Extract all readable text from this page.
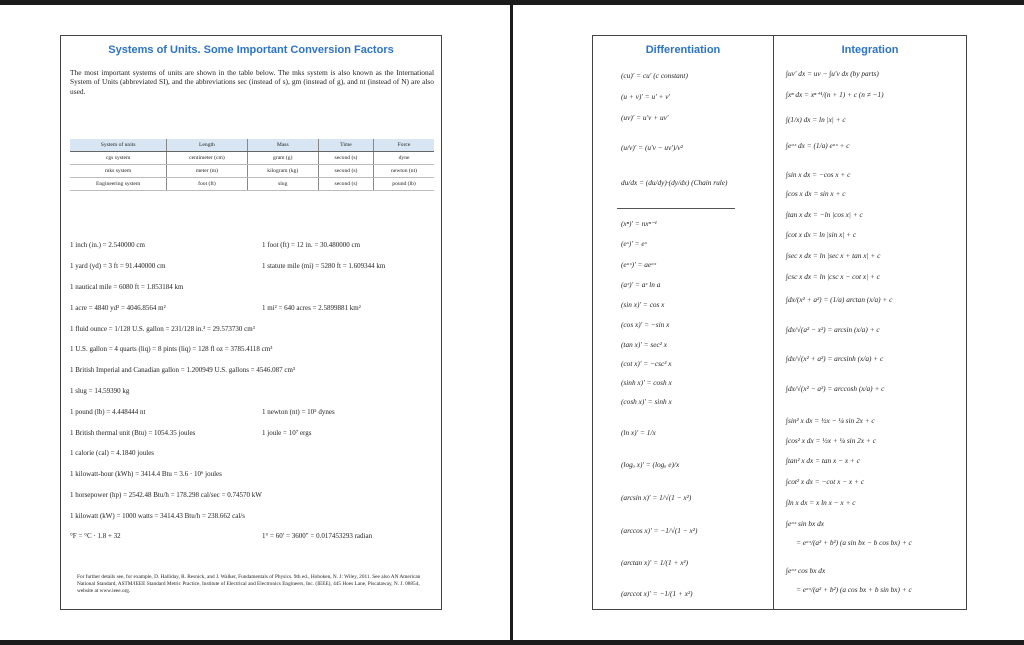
Systems of Units. Some Important Conversion Factors
The most important systems of units are shown in the table below. The mks system is also known as the International System of Units (abbreviated SI), and the abbreviations sec (instead of s), gm (instead of g), and nt (instead of N) are also used.
System of units	Length	Mass	Time	Force
cgs system	centimeter (cm)	gram (g)	second (s)	dyne
mks system	meter (m)	kilogram (kg)	second (s)	newton (nt)
Engineering system	foot (ft)	slug	second (s)	pound (lb)
1 inch (in.) = 2.540000 cm	1 foot (ft) = 12 in. = 30.480000 cm
1 yard (yd) = 3 ft = 91.440000 cm	1 statute mile (mi) = 5280 ft = 1.609344 km
1 nautical mile = 6080 ft = 1.853184 km
1 acre = 4840 yd² = 4046.8564 m²	1 mi² = 640 acres = 2.5899881 km²
1 fluid ounce = 1/128 U.S. gallon = 231/128 in.³ = 29.573730 cm³
1 U.S. gallon = 4 quarts (liq) = 8 pints (liq) = 128 fl oz = 3785.4118 cm³
1 British Imperial and Canadian gallon = 1.200949 U.S. gallons = 4546.087 cm³
1 slug = 14.59390 kg
1 pound (lb) = 4.448444 nt	1 newton (nt) = 10⁵ dynes
1 British thermal unit (Btu) = 1054.35 joules	1 joule = 10⁷ ergs
1 calorie (cal) = 4.1840 joules
1 kilowatt-hour (kWh) = 3414.4 Btu = 3.6 · 10⁶ joules
1 horsepower (hp) = 2542.48 Btu/h = 178.298 cal/sec = 0.74570 kW
1 kilowatt (kW) = 1000 watts = 3414.43 Btu/h = 238.662 cal/s
°F = °C · 1.8 + 32	1° = 60′ = 3600″ = 0.017453293 radian
For further details see, for example, D. Halliday, R. Resnick, and J. Walker, Fundamentals of Physics. 9th ed., Hoboken, N. J: Wiley, 2011. See also AN American National Standard, ASTM/IEEE Standard Metric Practice, Institute of Electrical and Electronics Engineers, Inc. (IEEE), 445 Hoes Lane, Piscataway, N. J. 08854, website at www.ieee.org.
Differentiation	Integration
(cu)′ = cu′ (c constant)
(u + v)′ = u′ + v′
(uv)′ = u′v + uv′
(u/v)′ = (u′v − uv′)/v²
du/dx = (du/dy)·(dy/dx) (Chain rule)
(xⁿ)′ = nxⁿ⁻¹
(eˣ)′ = eˣ
(eᵃˣ)′ = aeᵃˣ
(aˣ)′ = aˣ ln a
(sin x)′ = cos x
(cos x)′ = −sin x
(tan x)′ = sec² x
(cot x)′ = −csc² x
(sinh x)′ = cosh x
(cosh x)′ = sinh x
(ln x)′ = 1/x
(logₐ x)′ = (logₐ e)/x
(arcsin x)′ = 1/√(1 − x²)
(arccos x)′ = −1/√(1 − x²)
(arctan x)′ = 1/(1 + x²)
(arccot x)′ = −1/(1 + x²)
∫uv′ dx = uv − ∫u′v dx (by parts)
∫xⁿ dx = xⁿ⁺¹/(n + 1) + c (n ≠ −1)
∫(1/x) dx = ln |x| + c
∫eᵃˣ dx = (1/a) eᵃˣ + c
∫sin x dx = −cos x + c
∫cos x dx = sin x + c
∫tan x dx = −ln |cos x| + c
∫cot x dx = ln |sin x| + c
∫sec x dx = ln |sec x + tan x| + c
∫csc x dx = ln |csc x − cot x| + c
∫dx/(x² + a²) = (1/a) arctan (x/a) + c
∫dx/√(a² − x²) = arcsin (x/a) + c
∫dx/√(x² + a²) = arcsinh (x/a) + c
∫dx/√(x² − a²) = arccosh (x/a) + c
∫sin² x dx = ½x − ¼ sin 2x + c
∫cos² x dx = ½x + ¼ sin 2x + c
∫tan² x dx = tan x − x + c
∫cot² x dx = −cot x − x + c
∫ln x dx = x ln x − x + c
∫eᵃˣ sin bx dx
= eᵃˣ/(a² + b²) (a sin bx − b cos bx) + c
∫eᵃˣ cos bx dx
= eᵃˣ/(a² + b²) (a cos bx + b sin bx) + c
